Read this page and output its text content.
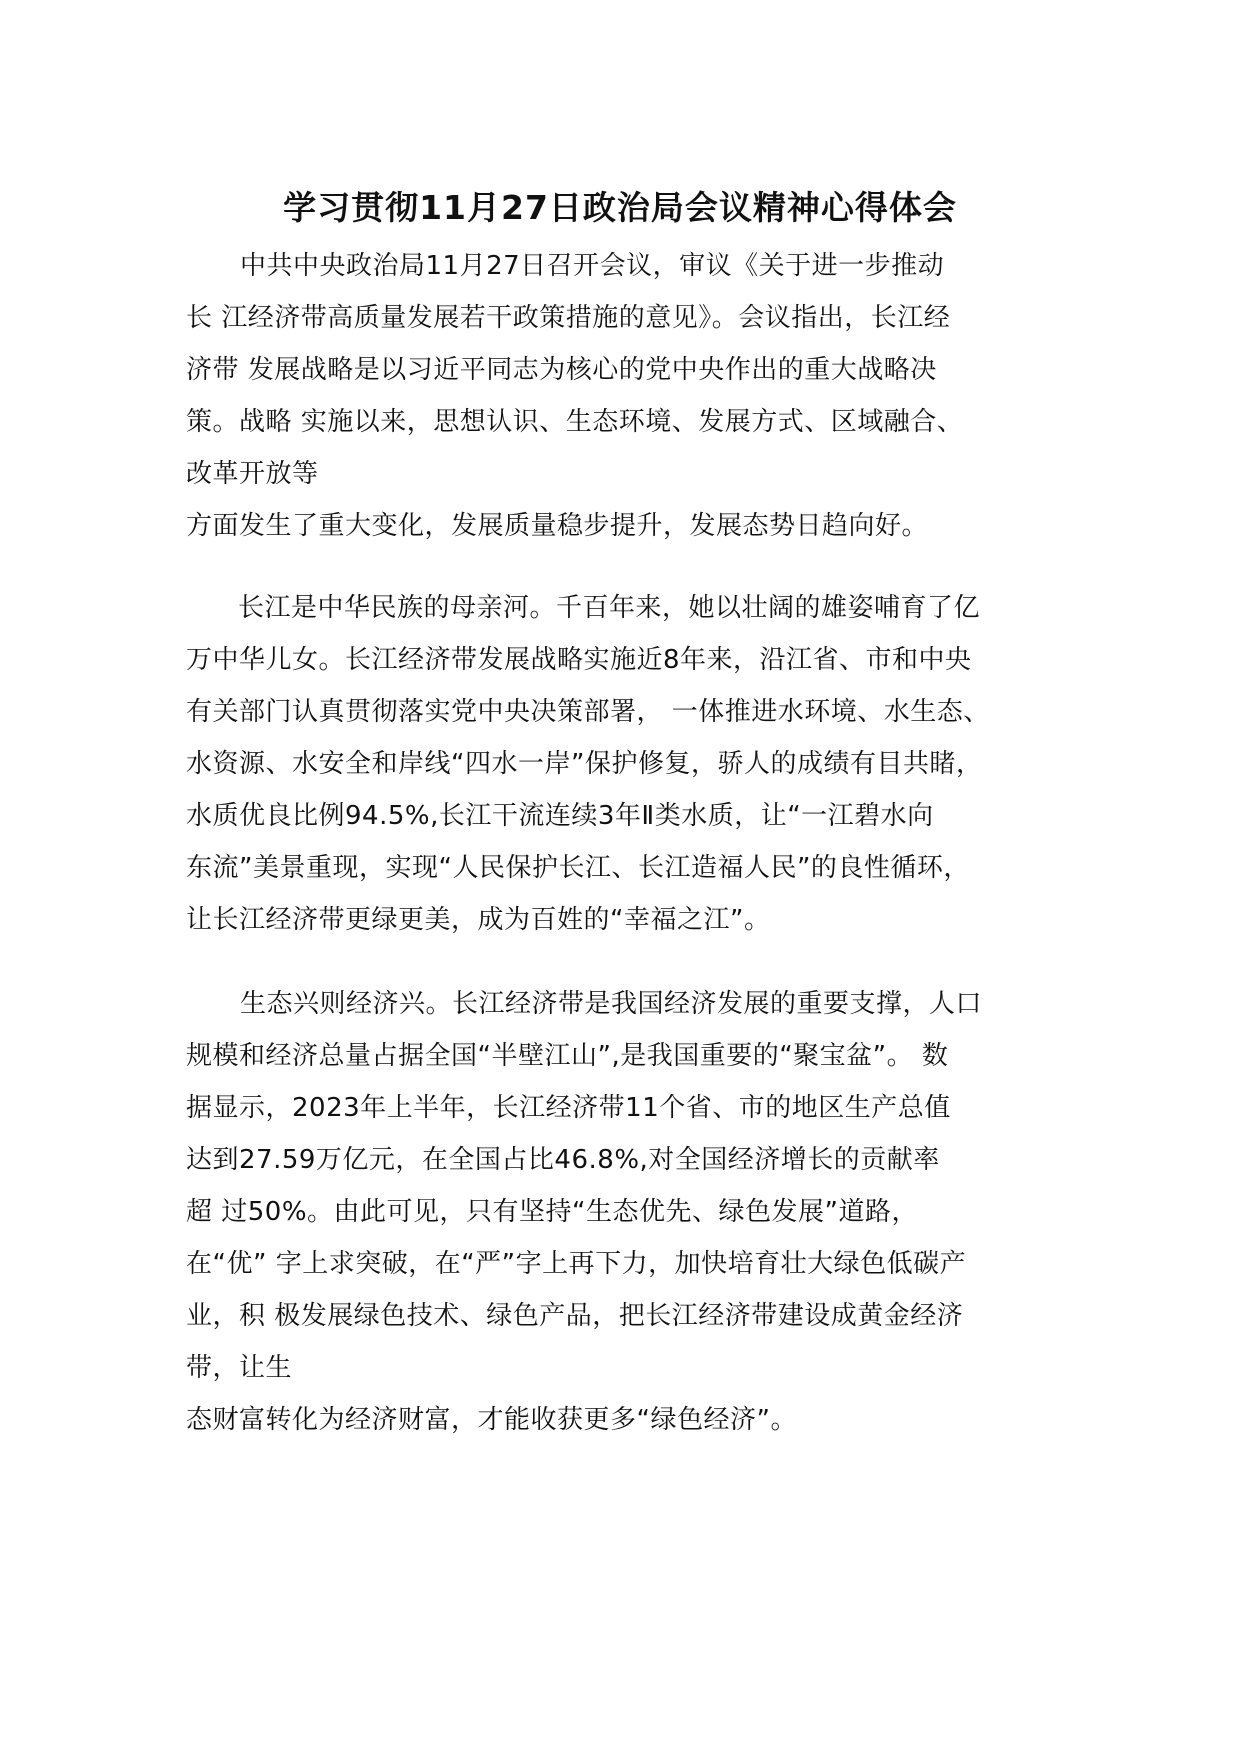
学习贯彻11月27日政治局会议精神心得体会
中共中央政治局11月27日召开会议，审议《关于进一步推动
长 江经济带高质量发展若干政策措施的意见》。会议指出，长江经
济带 发展战略是以习近平同志为核心的党中央作出的重大战略决
策。战略 实施以来，思想认识、生态环境、发展方式、区域融合、
改革开放等
方面发生了重大变化，发展质量稳步提升，发展态势日趋向好。
长江是中华民族的母亲河。千百年来，她以壮阔的雄姿哺育了亿
万中华儿女。长江经济带发展战略实施近8年来，沿江省、市和中央
有关部门认真贯彻落实党中央决策部署， 一体推进水环境、水生态、
水资源、水安全和岸线“四水一岸”保护修复，骄人的成绩有目共睹，
水质优良比例94.5%,长江干流连续3年Ⅱ类水质，让“一江碧水向
东流”美景重现，实现“人民保护长江、长江造福人民”的良性循环，
让长江经济带更绿更美，成为百姓的“幸福之江”。
生态兴则经济兴。长江经济带是我国经济发展的重要支撑，人口
规模和经济总量占据全国“半壁江山”,是我国重要的“聚宝盆”。 数
据显示，2023年上半年，长江经济带11个省、市的地区生产总值
达到27.59万亿元，在全国占比46.8%,对全国经济增长的贡献率
超 过50%。由此可见，只有坚持“生态优先、绿色发展”道路，
在“优” 字上求突破，在“严”字上再下力，加快培育壮大绿色低碳产
业，积 极发展绿色技术、绿色产品，把长江经济带建设成黄金经济
带，让生
态财富转化为经济财富，才能收获更多“绿色经济”。
